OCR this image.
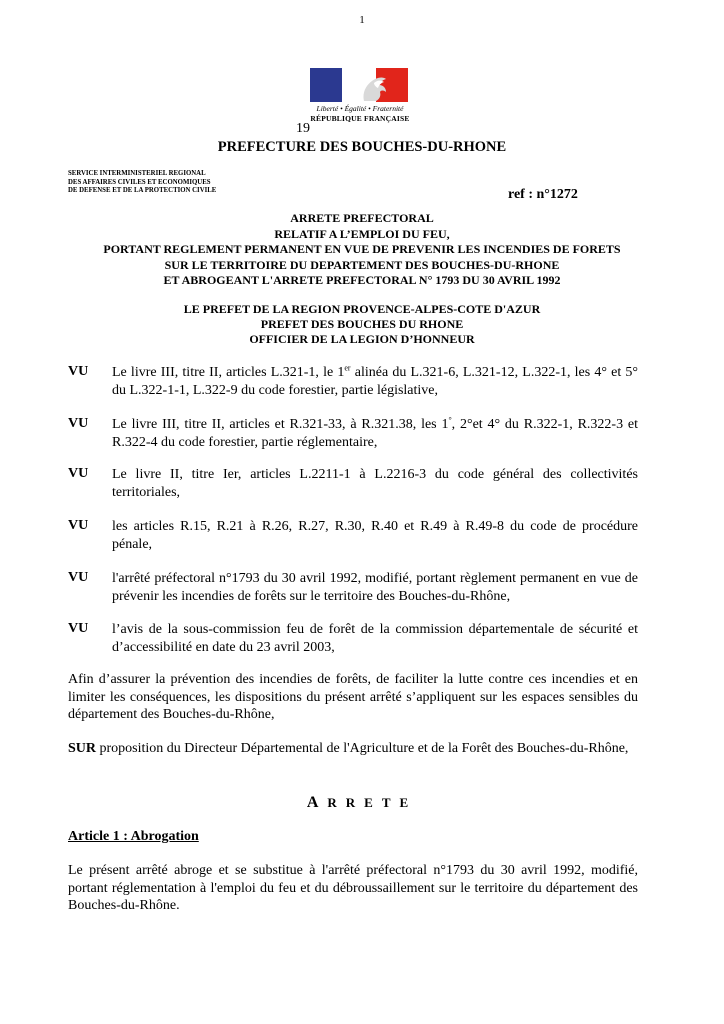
1
Liberté • Égalité • Fraternité
RÉPUBLIQUE FRANÇAISE
19
PREFECTURE DES BOUCHES-DU-RHONE
SERVICE INTERMINISTERIEL REGIONAL
DES AFFAIRES CIVILES ET ECONOMIQUES
DE DEFENSE ET DE LA PROTECTION CIVILE	ref : n°1272
ARRETE PREFECTORAL
RELATIF A L’EMPLOI DU FEU,
PORTANT REGLEMENT PERMANENT EN VUE DE PREVENIR LES INCENDIES DE FORETS
SUR LE TERRITOIRE DU DEPARTEMENT DES BOUCHES-DU-RHONE
ET ABROGEANT L'ARRETE PREFECTORAL N° 1793 DU 30 AVRIL 1992
LE PREFET DE LA REGION PROVENCE-ALPES-COTE D'AZUR
PREFET DES BOUCHES DU RHONE
OFFICIER DE LA LEGION D’HONNEUR
VU Le livre III, titre II, articles L.321-1, le 1er alinéa du L.321-6, L.321-12, L.322-1, les 4° et 5° du L.322-1-1, L.322-9 du code forestier, partie législative,
VU Le livre III, titre II, articles et R.321-33, à R.321.38, les 1°, 2°et 4° du R.322-1, R.322-3 et R.322-4 du code forestier, partie réglementaire,
VU Le livre II, titre Ier, articles L.2211-1 à L.2216-3 du code général des collectivités territoriales,
VU les articles R.15, R.21 à R.26, R.27, R.30, R.40 et R.49 à R.49-8 du code de procédure pénale,
VU l'arrêté préfectoral n°1793 du 30 avril 1992, modifié, portant règlement permanent en vue de prévenir les incendies de forêts sur le territoire des Bouches-du-Rhône,
VU l’avis de la sous-commission feu de forêt de la commission départementale de sécurité et d’accessibilité en date du 23 avril 2003,
Afin d’assurer la prévention des incendies de forêts, de faciliter la lutte contre ces incendies et en limiter les conséquences, les dispositions du présent arrêté s’appliquent sur les espaces sensibles du département des Bouches-du-Rhône,
SUR proposition du Directeur Départemental de l'Agriculture et de la Forêt des Bouches-du-Rhône,
ARRETE
Article 1 : Abrogation
Le présent arrêté abroge et se substitue à l'arrêté préfectoral n°1793 du 30 avril 1992, modifié, portant réglementation à l'emploi du feu et du débroussaillement sur le territoire du département des Bouches-du-Rhône.
